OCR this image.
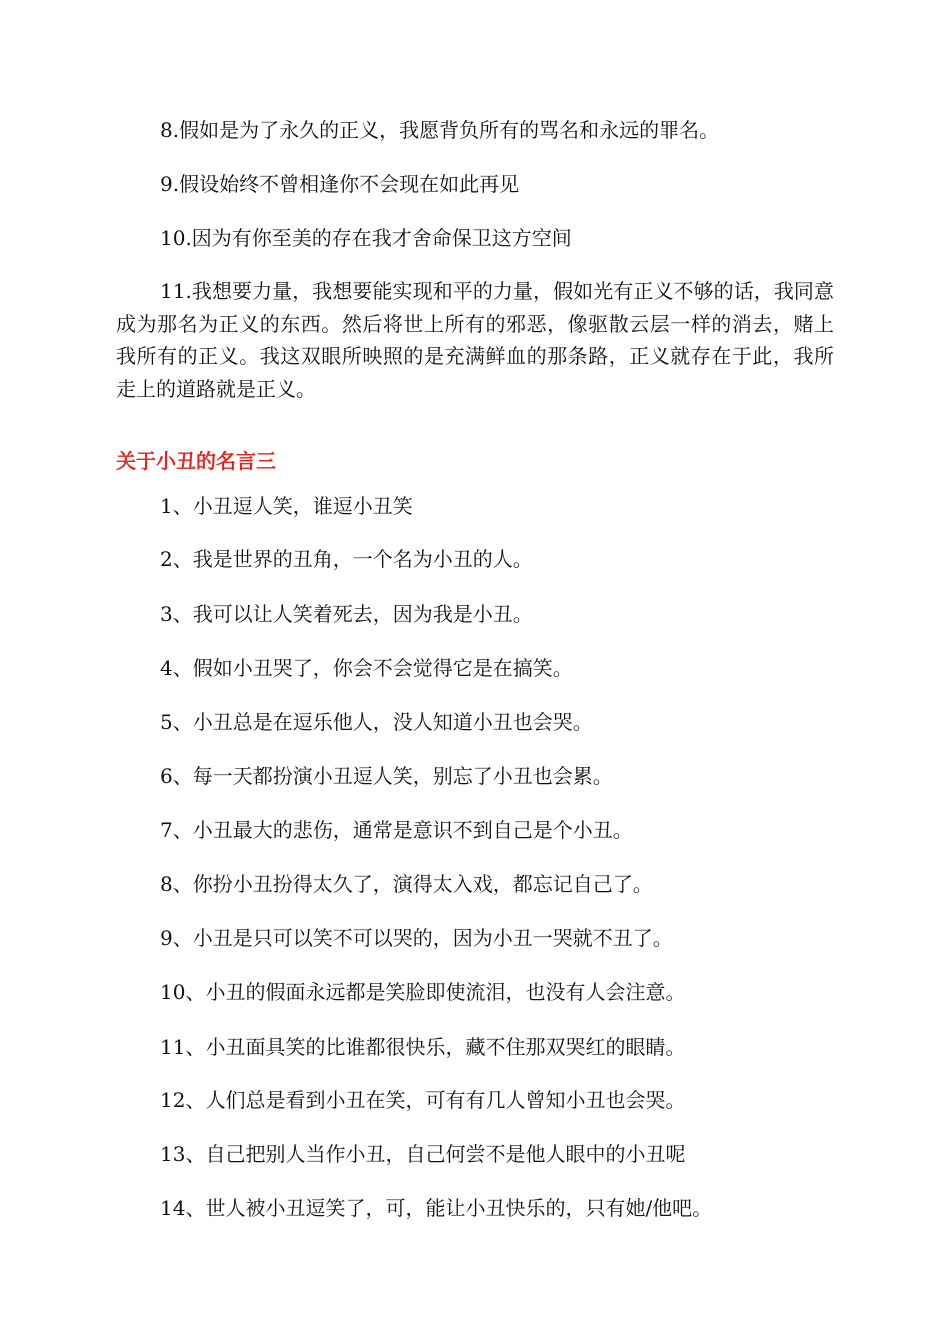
8.假如是为了永久的正义，我愿背负所有的骂名和永远的罪名。

9.假设始终不曾相逢你不会现在如此再见

10.因为有你至美的存在我才舍命保卫这方空间

11.我想要力量，我想要能实现和平的力量，假如光有正义不够的话，我同意成为那名为正义的东西。然后将世上所有的邪恶，像驱散云层一样的消去，赌上我所有的正义。我这双眼所映照的是充满鲜血的那条路，正义就存在于此，我所走上的道路就是正义。

关于小丑的名言三

1、小丑逗人笑，谁逗小丑笑

2、我是世界的丑角，一个名为小丑的人。

3、我可以让人笑着死去，因为我是小丑。

4、假如小丑哭了，你会不会觉得它是在搞笑。

5、小丑总是在逗乐他人，没人知道小丑也会哭。

6、每一天都扮演小丑逗人笑，别忘了小丑也会累。

7、小丑最大的悲伤，通常是意识不到自己是个小丑。

8、你扮小丑扮得太久了，演得太入戏，都忘记自己了。

9、小丑是只可以笑不可以哭的，因为小丑一哭就不丑了。

10、小丑的假面永远都是笑脸即使流泪，也没有人会注意。

11、小丑面具笑的比谁都很快乐，藏不住那双哭红的眼睛。

12、人们总是看到小丑在笑，可有有几人曾知小丑也会哭。

13、自己把别人当作小丑，自己何尝不是他人眼中的小丑呢

14、世人被小丑逗笑了，可，能让小丑快乐的，只有她/他吧。
